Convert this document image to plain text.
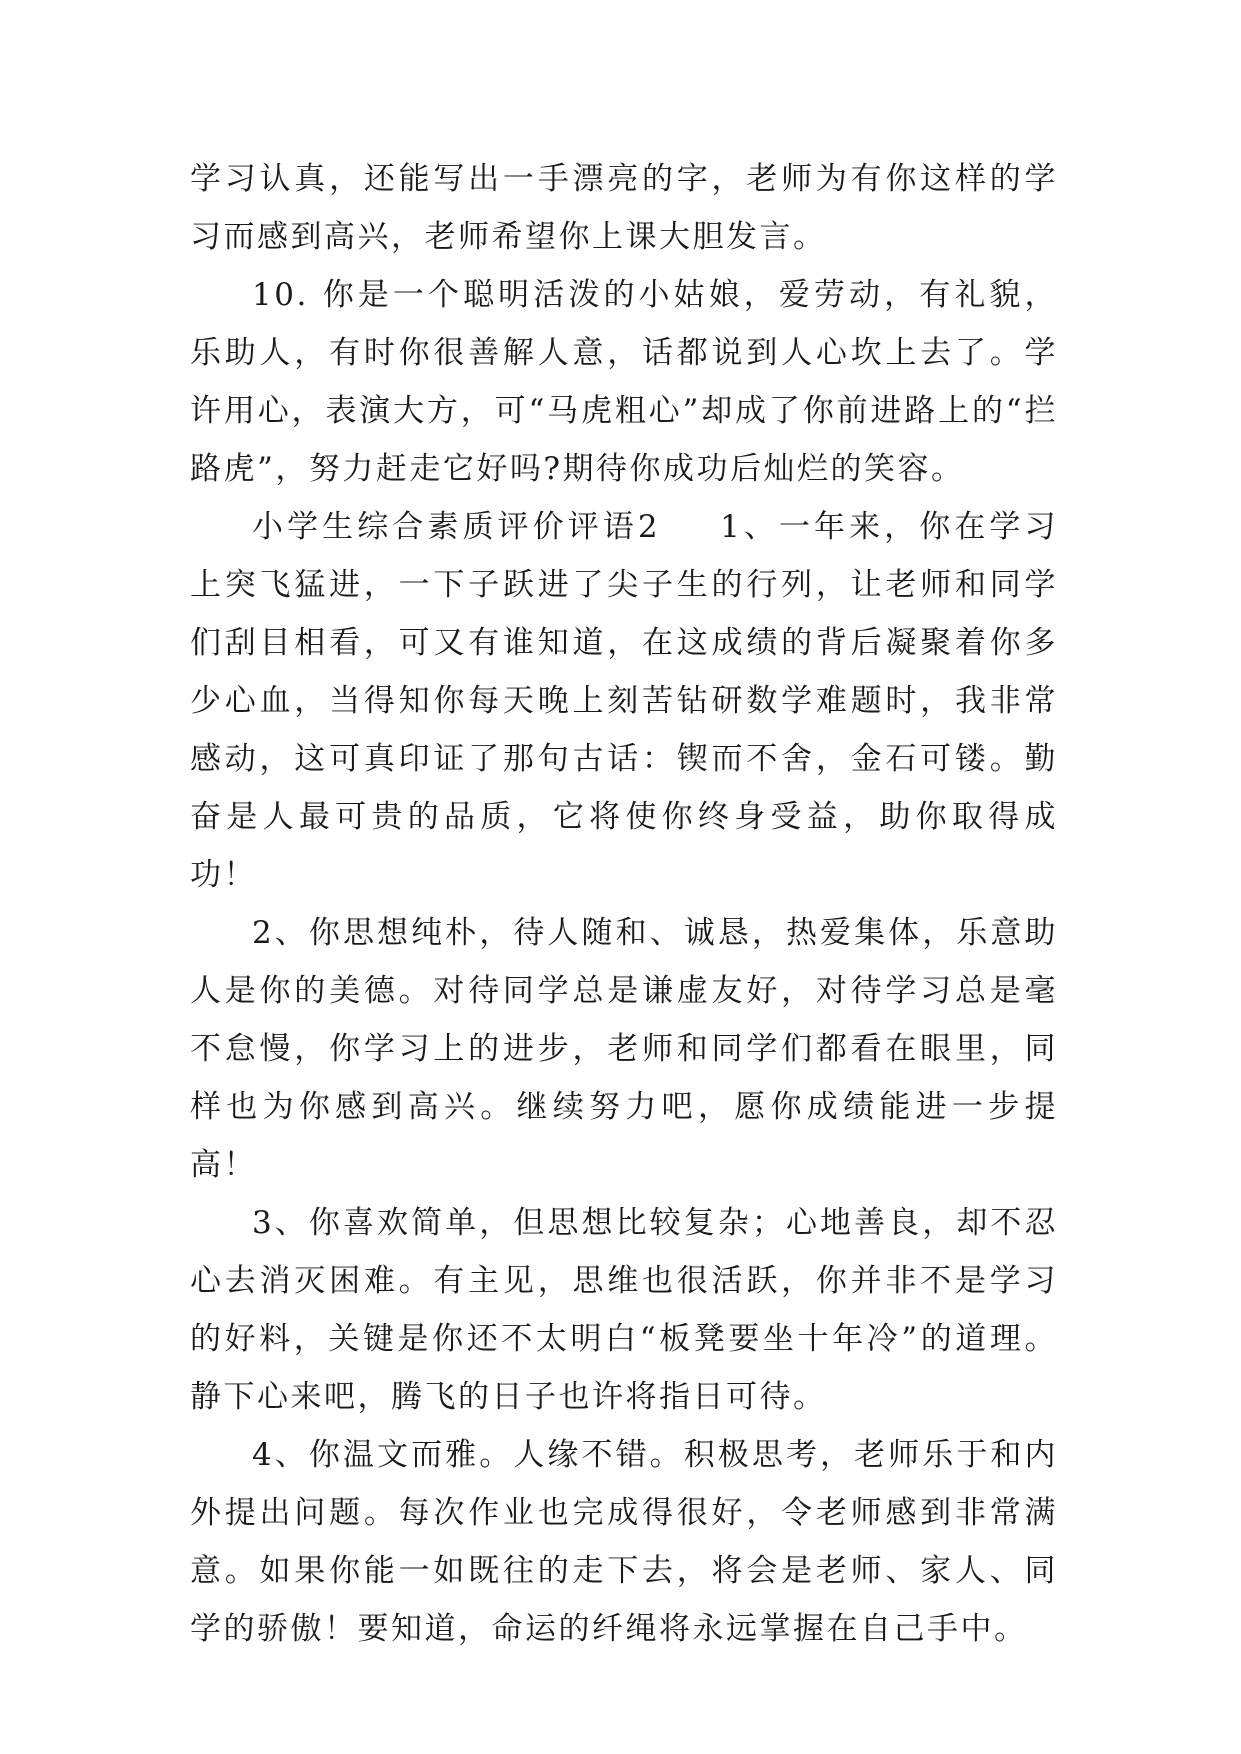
学习认真，还能写出一手漂亮的字，老师为有你这样的学习而感到高兴，老师希望你上课大胆发言。

10. 你是一个聪明活泼的小姑娘，爱劳动，有礼貌，乐助人，有时你很善解人意，话都说到人心坎上去了。学许用心，表演大方，可“马虎粗心”却成了你前进路上的“拦路虎”，努力赶走它好吗?期待你成功后灿烂的笑容。

小学生综合素质评价评语2 1、一年来，你在学习上突飞猛进，一下子跃进了尖子生的行列，让老师和同学们刮目相看，可又有谁知道，在这成绩的背后凝聚着你多少心血，当得知你每天晚上刻苦钻研数学难题时，我非常感动，这可真印证了那句古话：锲而不舍，金石可镂。勤奋是人最可贵的品质，它将使你终身受益，助你取得成功！

2、你思想纯朴，待人随和、诚恳，热爱集体，乐意助人是你的美德。对待同学总是谦虚友好，对待学习总是毫不怠慢，你学习上的进步，老师和同学们都看在眼里，同样也为你感到高兴。继续努力吧，愿你成绩能进一步提高！

3、你喜欢简单，但思想比较复杂；心地善良，却不忍心去消灭困难。有主见，思维也很活跃，你并非不是学习的好料，关键是你还不太明白“板凳要坐十年冷”的道理。静下心来吧，腾飞的日子也许将指日可待。

4、你温文而雅。人缘不错。积极思考，老师乐于和内外提出问题。每次作业也完成得很好，令老师感到非常满意。如果你能一如既往的走下去，将会是老师、家人、同学的骄傲！要知道，命运的纤绳将永远掌握在自己手中。
